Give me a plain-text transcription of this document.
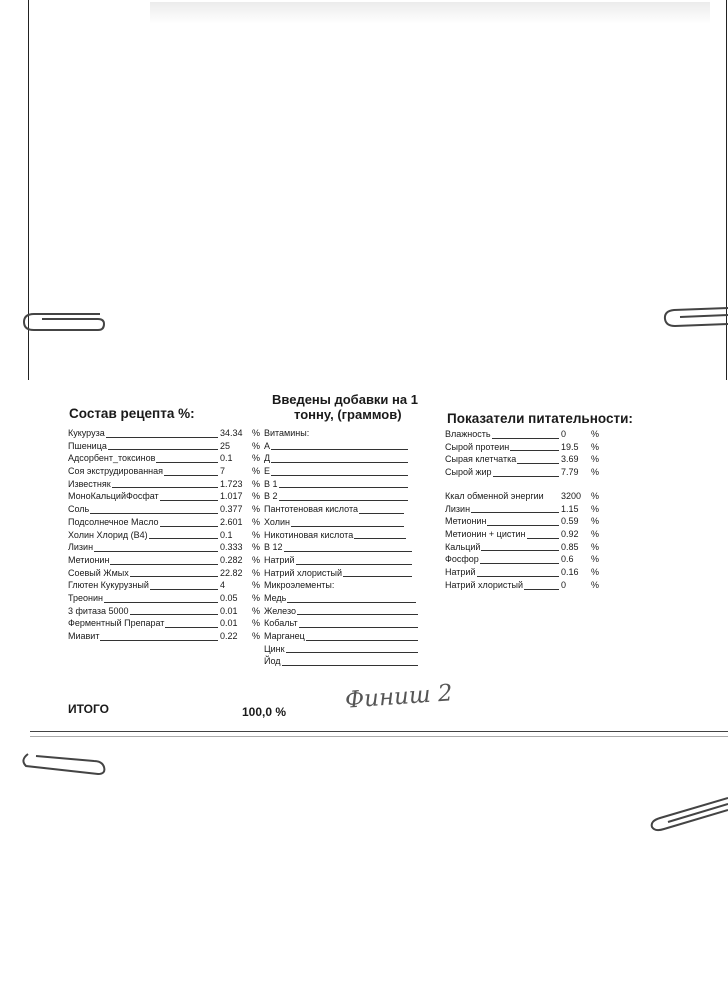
Состав рецепта %:
Введены добавки на 1
тонну, (граммов)	Показатели питательности:
Кукуруза	34.34	%
Пшеница	25	%
Адсорбент_токсинов	0.1	%
Соя экструдированная	7	%
Известняк	1.723	%
МоноКальцийФосфат	1.017	%
Соль	0.377	%
Подсолнечное Масло	2.601	%
Холин Хлорид (В4)	0.1	%
Лизин	0.333	%
Метионин	0.282	%
Соевый Жмых	22.82	%
Глютен Кукурузный	4	%
Треонин	0.05	%
3 фитаза 5000	0.01	%
Ферментный Препарат	0.01	%
Миавит	0.22	%
Витамины:
А
Д
Е
В 1
В 2
Пантотеновая кислота
Холин
Никотиновая кислота
В 12
Натрий
Натрий хлористый
Микроэлементы:
Медь
Железо
Кобальт
Марганец
Цинк
Йод
Влажность	0	%
Сырой протеин	19.5	%
Сырая клетчатка	3.69	%
Сырой жир	7.79	%
Ккал обменной энергии 3200	%
Лизин	1.15	%
Метионин	0.59	%
Метионин + цистин	0.92	%
Кальций	0.85	%
Фосфор	0.6	%
Натрий	0.16	%
Натрий хлористый	0	%
ИТОГО	100,0 %	Финиш 2
